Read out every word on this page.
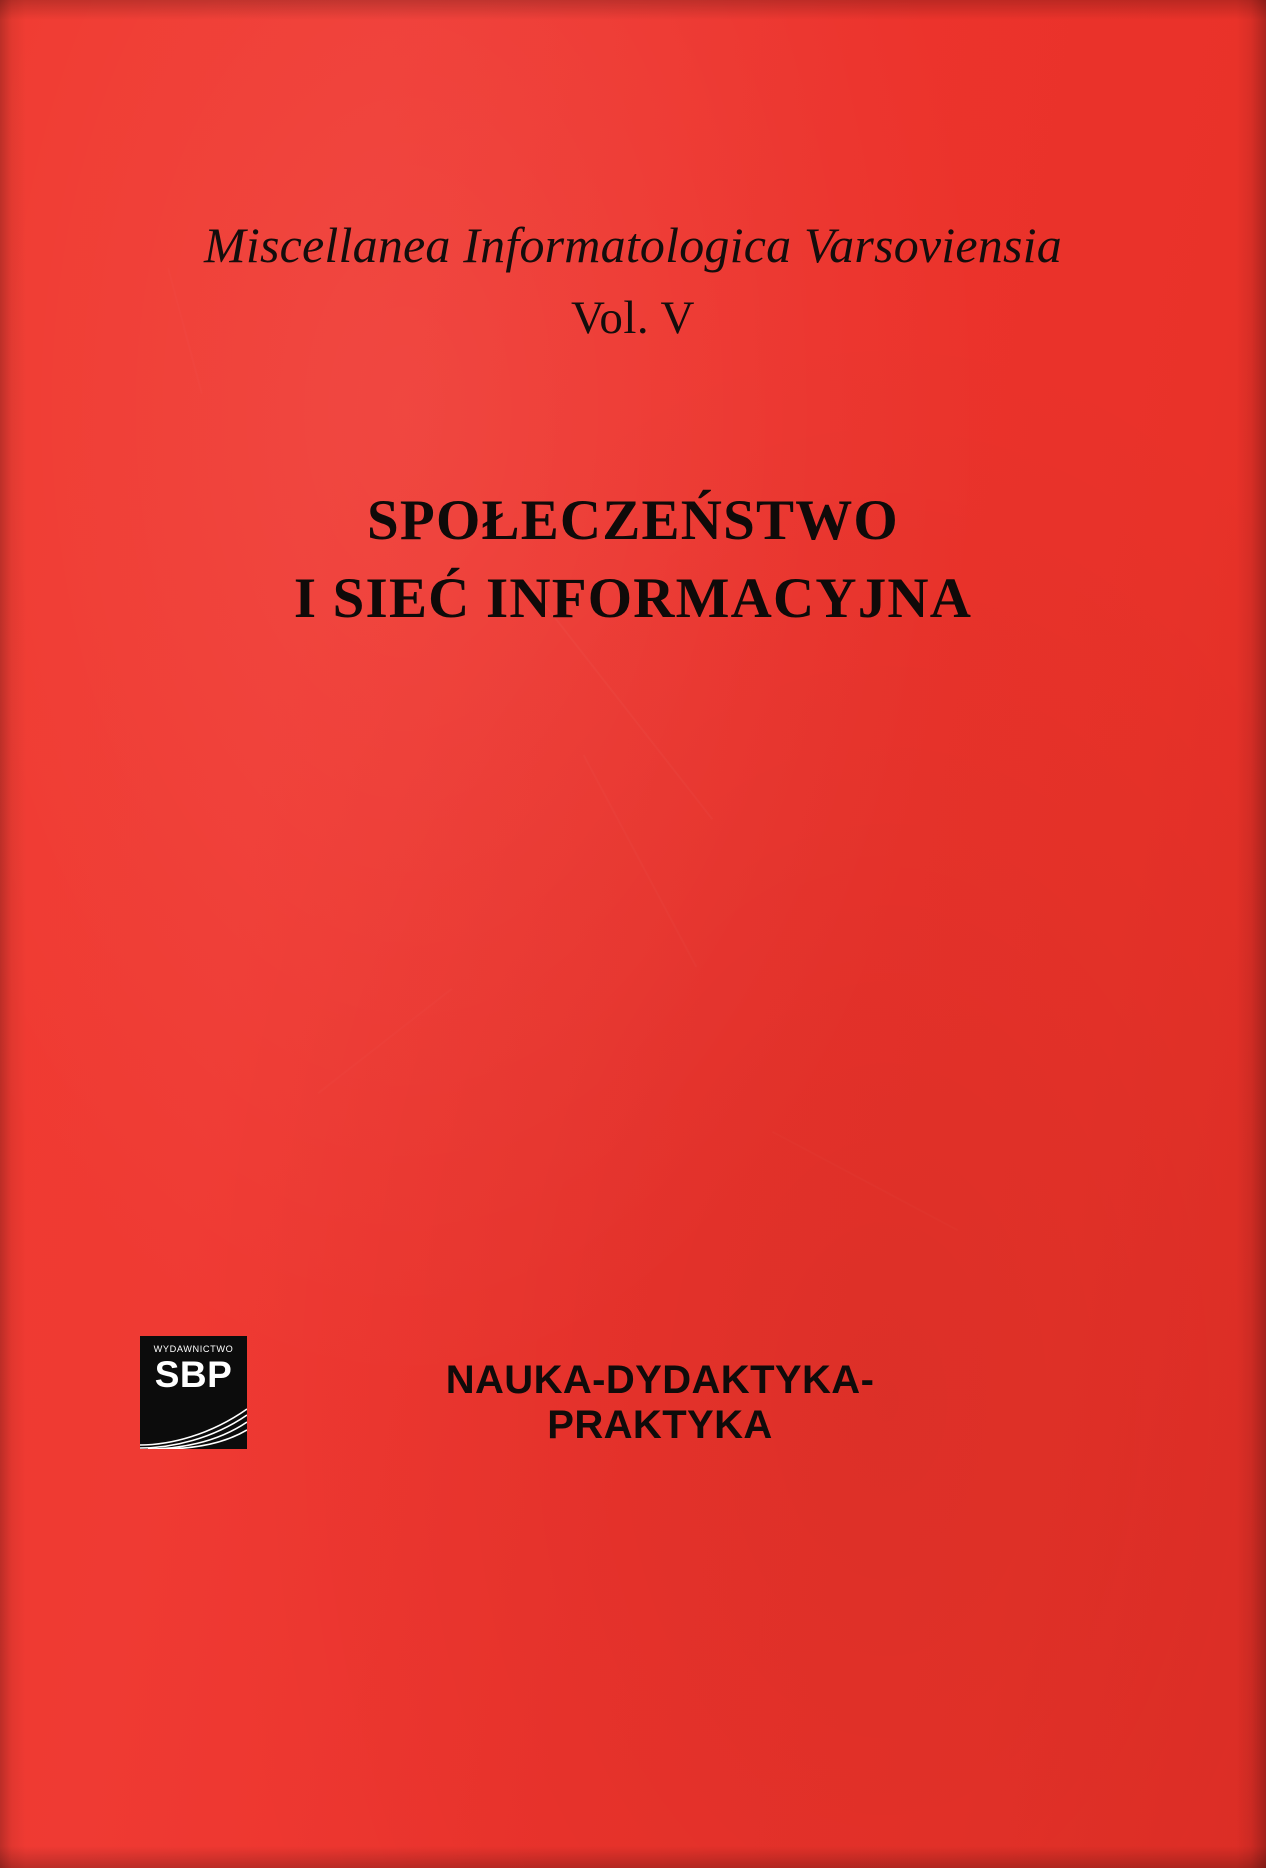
Miscellanea Informatologica Varsoviensia
Vol. V
SPOŁECZEŃSTWO
I SIEĆ INFORMACYJNA
WYDAWNICTWO
SBP	NAUKA-DYDAKTYKA-PRAKTYKA
